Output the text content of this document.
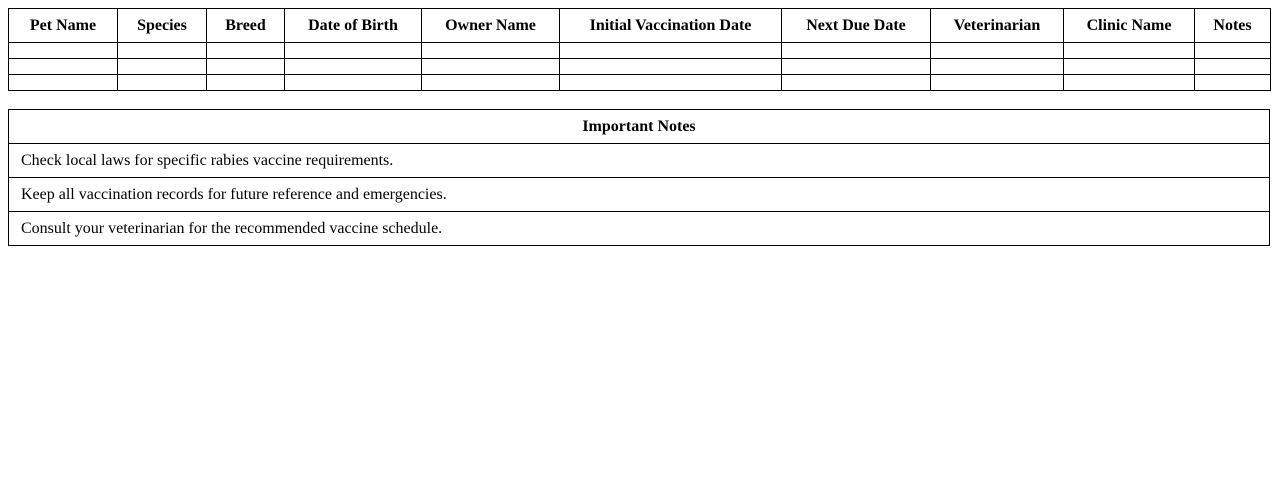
Pet Name	Species	Breed	Date of Birth	Owner Name	Initial Vaccination Date	Next Due Date	Veterinarian	Clinic Name	Notes

Important Notes
Check local laws for specific rabies vaccine requirements.
Keep all vaccination records for future reference and emergencies.
Consult your veterinarian for the recommended vaccine schedule.
